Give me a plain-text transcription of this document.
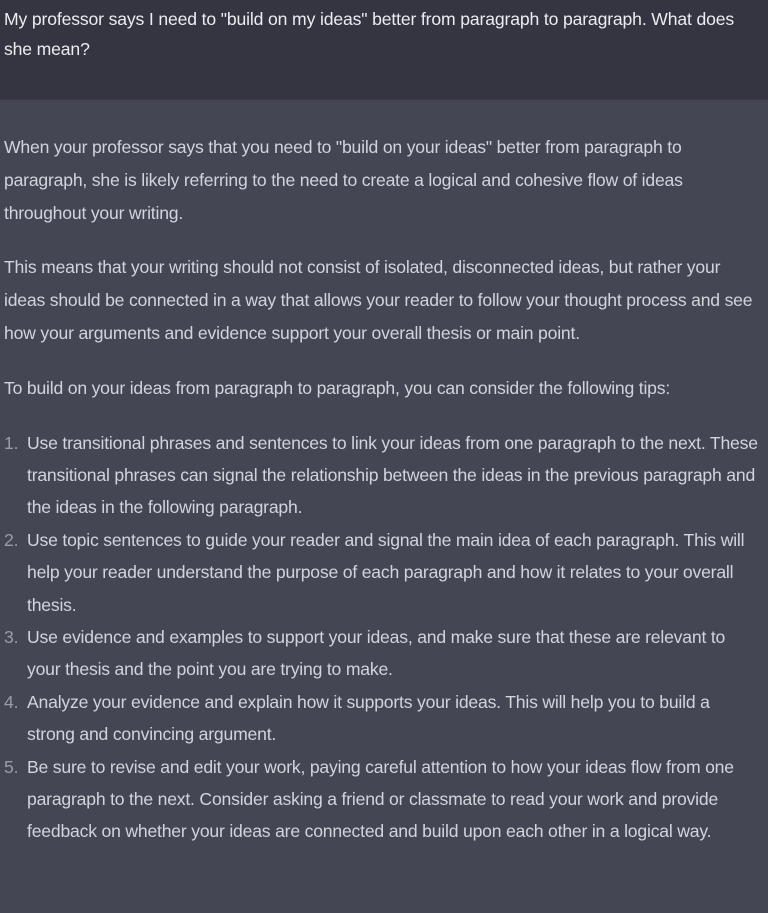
My professor says I need to "build on my ideas" better from paragraph to paragraph. What does she mean?

When your professor says that you need to "build on your ideas" better from paragraph to paragraph, she is likely referring to the need to create a logical and cohesive flow of ideas throughout your writing.

This means that your writing should not consist of isolated, disconnected ideas, but rather your ideas should be connected in a way that allows your reader to follow your thought process and see how your arguments and evidence support your overall thesis or main point.

To build on your ideas from paragraph to paragraph, you can consider the following tips:

1. Use transitional phrases and sentences to link your ideas from one paragraph to the next. These transitional phrases can signal the relationship between the ideas in the previous paragraph and the ideas in the following paragraph.
2. Use topic sentences to guide your reader and signal the main idea of each paragraph. This will help your reader understand the purpose of each paragraph and how it relates to your overall thesis.
3. Use evidence and examples to support your ideas, and make sure that these are relevant to your thesis and the point you are trying to make.
4. Analyze your evidence and explain how it supports your ideas. This will help you to build a strong and convincing argument.
5. Be sure to revise and edit your work, paying careful attention to how your ideas flow from one paragraph to the next. Consider asking a friend or classmate to read your work and provide feedback on whether your ideas are connected and build upon each other in a logical way.
